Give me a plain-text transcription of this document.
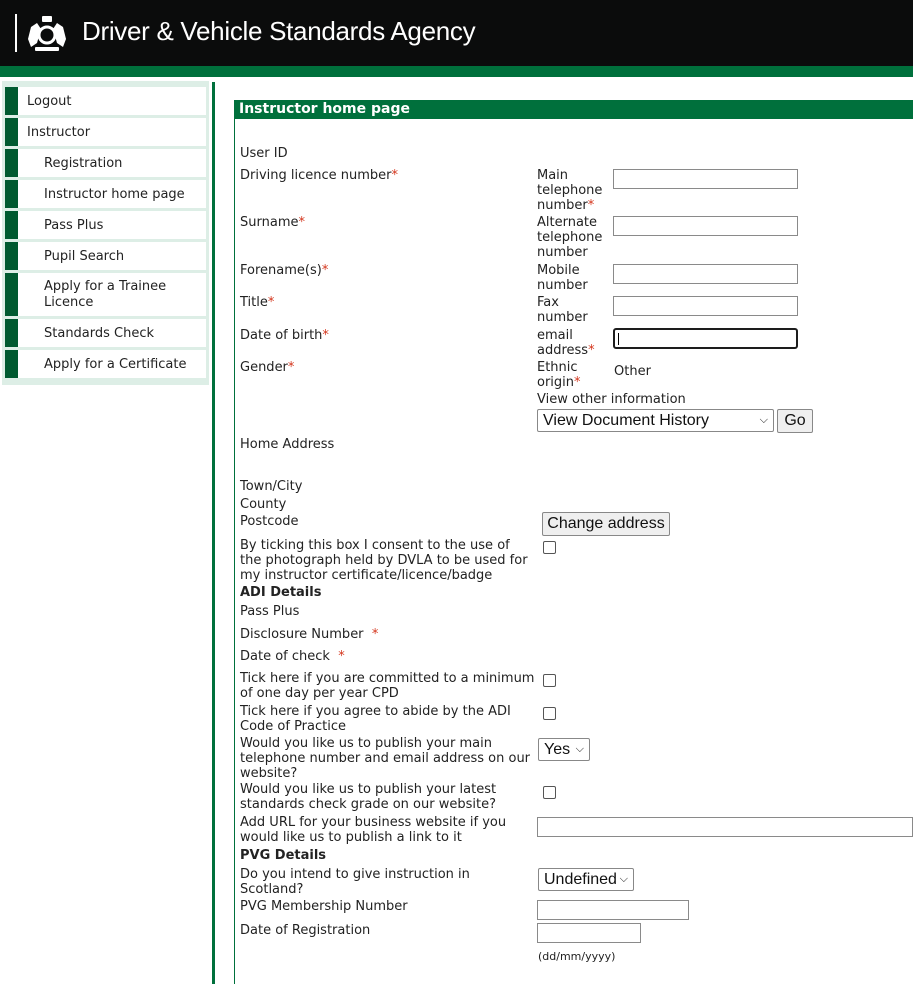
Driver & Vehicle Standards Agency
Logout
Instructor
Registration
Instructor home page
Pass Plus
Pupil Search
Apply for a Trainee Licence
Standards Check
Apply for a Certificate
Instructor home page
User ID
Driving licence number*
Surname*
Forename(s)*
Title*
Date of birth*
Gender*
Home Address
Town/City
County
Postcode
Main
telephone
number*
Alternate
telephone
number
Mobile
number
Fax
number
email
address*
Ethnic
origin*
Other
View other information
View Document History	⌵	Go
Change address
By ticking this box I consent to the use of
the photograph held by DVLA to be used for
my instructor certificate/licence/badge
ADI Details
Pass Plus
Disclosure Number *
Date of check *
Tick here if you are committed to a minimum
of one day per year CPD
Tick here if you agree to abide by the ADI
Code of Practice
Would you like us to publish your main
telephone number and email address on our
website?
Yes ⌵
Would you like us to publish your latest
standards check grade on our website?
Add URL for your business website if you
would like us to publish a link to it
PVG Details
Do you intend to give instruction in
Scotland?
Undefined ⌵
PVG Membership Number
Date of Registration
(dd/mm/yyyy)
